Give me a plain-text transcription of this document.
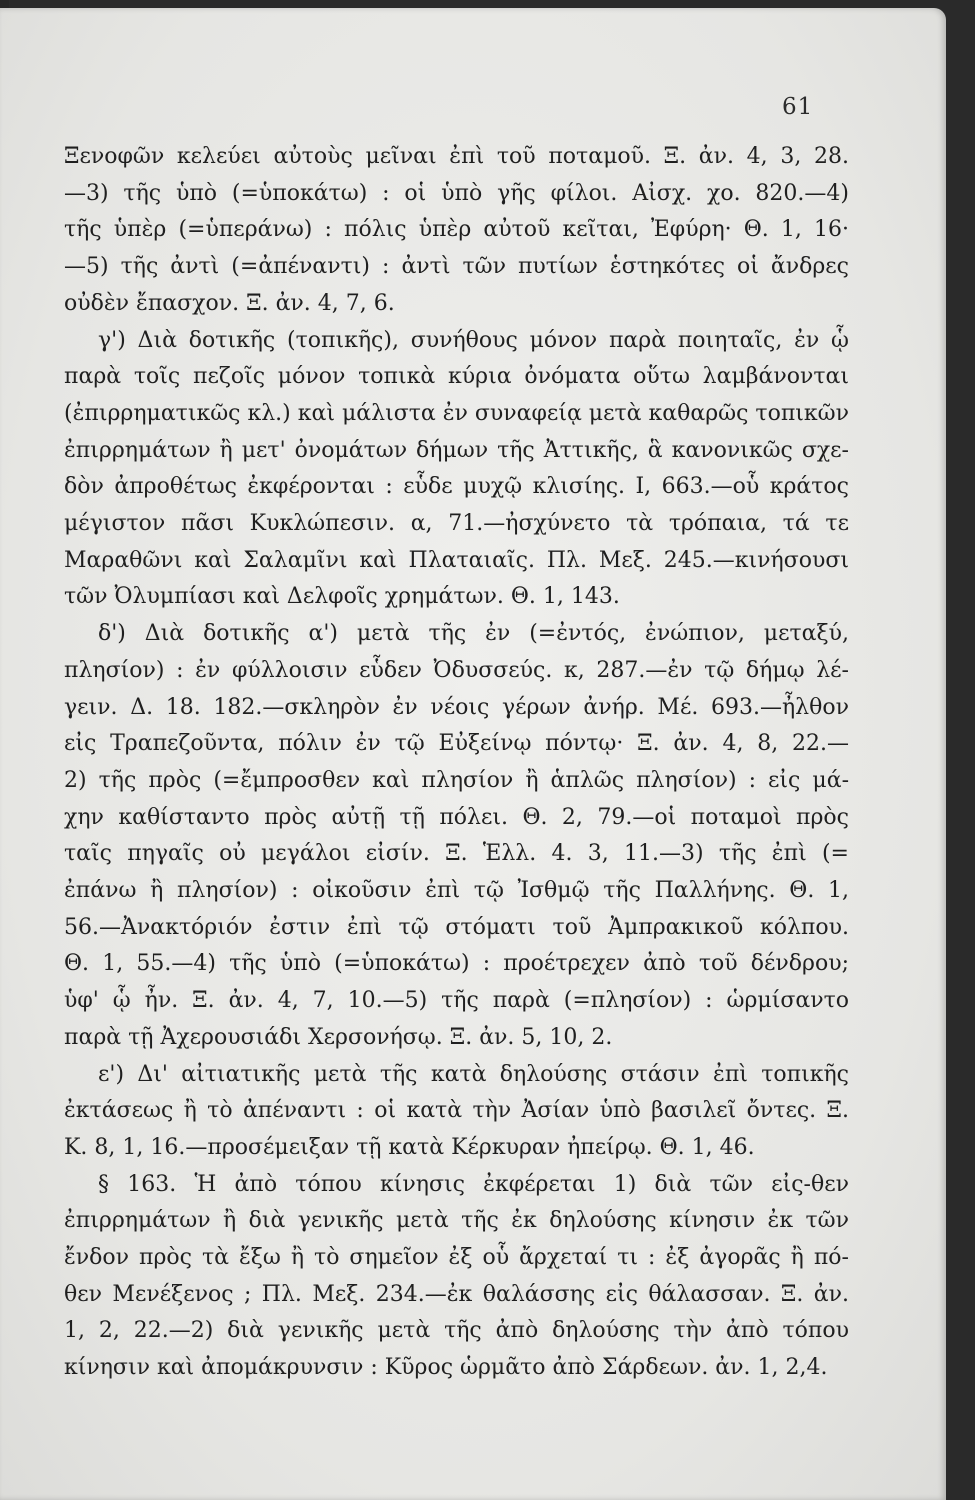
61
Ξενοφῶν κελεύει αὐτοὺς μεῖναι ἐπὶ τοῦ ποταμοῦ. Ξ. ἀν. 4, 3, 28.
—3) τῆς ὑπὸ (=ὑποκάτω) : οἱ ὑπὸ γῆς φίλοι. Αἰσχ. χο. 820.—4)
τῆς ὑπὲρ (=ὑπεράνω) : πόλις ὑπὲρ αὐτοῦ κεῖται, Ἐφύρη· Θ. 1, 16·
—5) τῆς ἀντὶ (=ἀπέναντι) : ἀντὶ τῶν πυτίων ἑστηκότες οἱ ἄνδρες
οὐδὲν ἔπασχον. Ξ. ἀν. 4, 7, 6.
γ') Διὰ δοτικῆς (τοπικῆς), συνήθους μόνον παρὰ ποιηταῖς, ἐν ᾧ
παρὰ τοῖς πεζοῖς μόνον τοπικὰ κύρια ὀνόματα οὕτω λαμβάνονται
(ἐπιρρηματικῶς κλ.) καὶ μάλιστα ἐν συναφείᾳ μετὰ καθαρῶς τοπικῶν
ἐπιρρημάτων ἢ μετ' ὀνομάτων δήμων τῆς Ἀττικῆς, ἃ κανονικῶς σχε-
δὸν ἀπροθέτως ἐκφέρονται : εὗδε μυχῷ κλισίης. Ι, 663.—οὗ κράτος
μέγιστον πᾶσι Κυκλώπεσιν. α, 71.—ἠσχύνετο τὰ τρόπαια, τά τε
Μαραθῶνι καὶ Σαλαμῖνι καὶ Πλαταιαῖς. Πλ. Μεξ. 245.—κινήσουσι
τῶν Ὀλυμπίασι καὶ Δελφοῖς χρημάτων. Θ. 1, 143.
δ') Διὰ δοτικῆς α') μετὰ τῆς ἐν (=ἐντός, ἐνώπιον, μεταξύ,
πλησίον) : ἐν φύλλοισιν εὗδεν Ὀδυσσεύς. κ, 287.—ἐν τῷ δήμῳ λέ-
γειν. Δ. 18. 182.—σκληρὸν ἐν νέοις γέρων ἀνήρ. Μέ. 693.—ἦλθον
εἰς Τραπεζοῦντα, πόλιν ἐν τῷ Εὐξείνῳ πόντῳ· Ξ. ἀν. 4, 8, 22.—
2) τῆς πρὸς (=ἔμπροσθεν καὶ πλησίον ἢ ἁπλῶς πλησίον) : εἰς μά-
χην καθίσταντο πρὸς αὐτῇ τῇ πόλει. Θ. 2, 79.—οἱ ποταμοὶ πρὸς
ταῖς πηγαῖς οὐ μεγάλοι εἰσίν. Ξ. Ἑλλ. 4. 3, 11.—3) τῆς ἐπὶ (=
ἐπάνω ἢ πλησίον) : οἰκοῦσιν ἐπὶ τῷ Ἰσθμῷ τῆς Παλλήνης. Θ. 1,
56.—Ἀνακτόριόν ἐστιν ἐπὶ τῷ στόματι τοῦ Ἀμπρακικοῦ κόλπου.
Θ. 1, 55.—4) τῆς ὑπὸ (=ὑποκάτω) : προέτρεχεν ἀπὸ τοῦ δένδρου;
ὑφ' ᾧ ἦν. Ξ. ἀν. 4, 7, 10.—5) τῆς παρὰ (=πλησίον) : ὡρμίσαντο
παρὰ τῇ Ἀχερουσιάδι Χερσονήσῳ. Ξ. ἀν. 5, 10, 2.
ε') Δι' αἰτιατικῆς μετὰ τῆς κατὰ δηλούσης στάσιν ἐπὶ τοπικῆς
ἐκτάσεως ἢ τὸ ἀπέναντι : οἱ κατὰ τὴν Ἀσίαν ὑπὸ βασιλεῖ ὄντες. Ξ.
Κ. 8, 1, 16.—προσέμειξαν τῇ κατὰ Κέρκυραν ἠπείρῳ. Θ. 1, 46.
§ 163. Ἡ ἀπὸ τόπου κίνησις ἐκφέρεται 1) διὰ τῶν εἰς-θεν
ἐπιρρημάτων ἢ διὰ γενικῆς μετὰ τῆς ἐκ δηλούσης κίνησιν ἐκ τῶν
ἔνδον πρὸς τὰ ἔξω ἢ τὸ σημεῖον ἐξ οὗ ἄρχεταί τι : ἐξ ἀγορᾶς ἢ πό-
θεν Μενέξενος ; Πλ. Μεξ. 234.—ἐκ θαλάσσης εἰς θάλασσαν. Ξ. ἀν.
1, 2, 22.—2) διὰ γενικῆς μετὰ τῆς ἀπὸ δηλούσης τὴν ἀπὸ τόπου
κίνησιν καὶ ἀπομάκρυνσιν : Κῦρος ὡρμᾶτο ἀπὸ Σάρδεων. ἀν. 1, 2,4.
